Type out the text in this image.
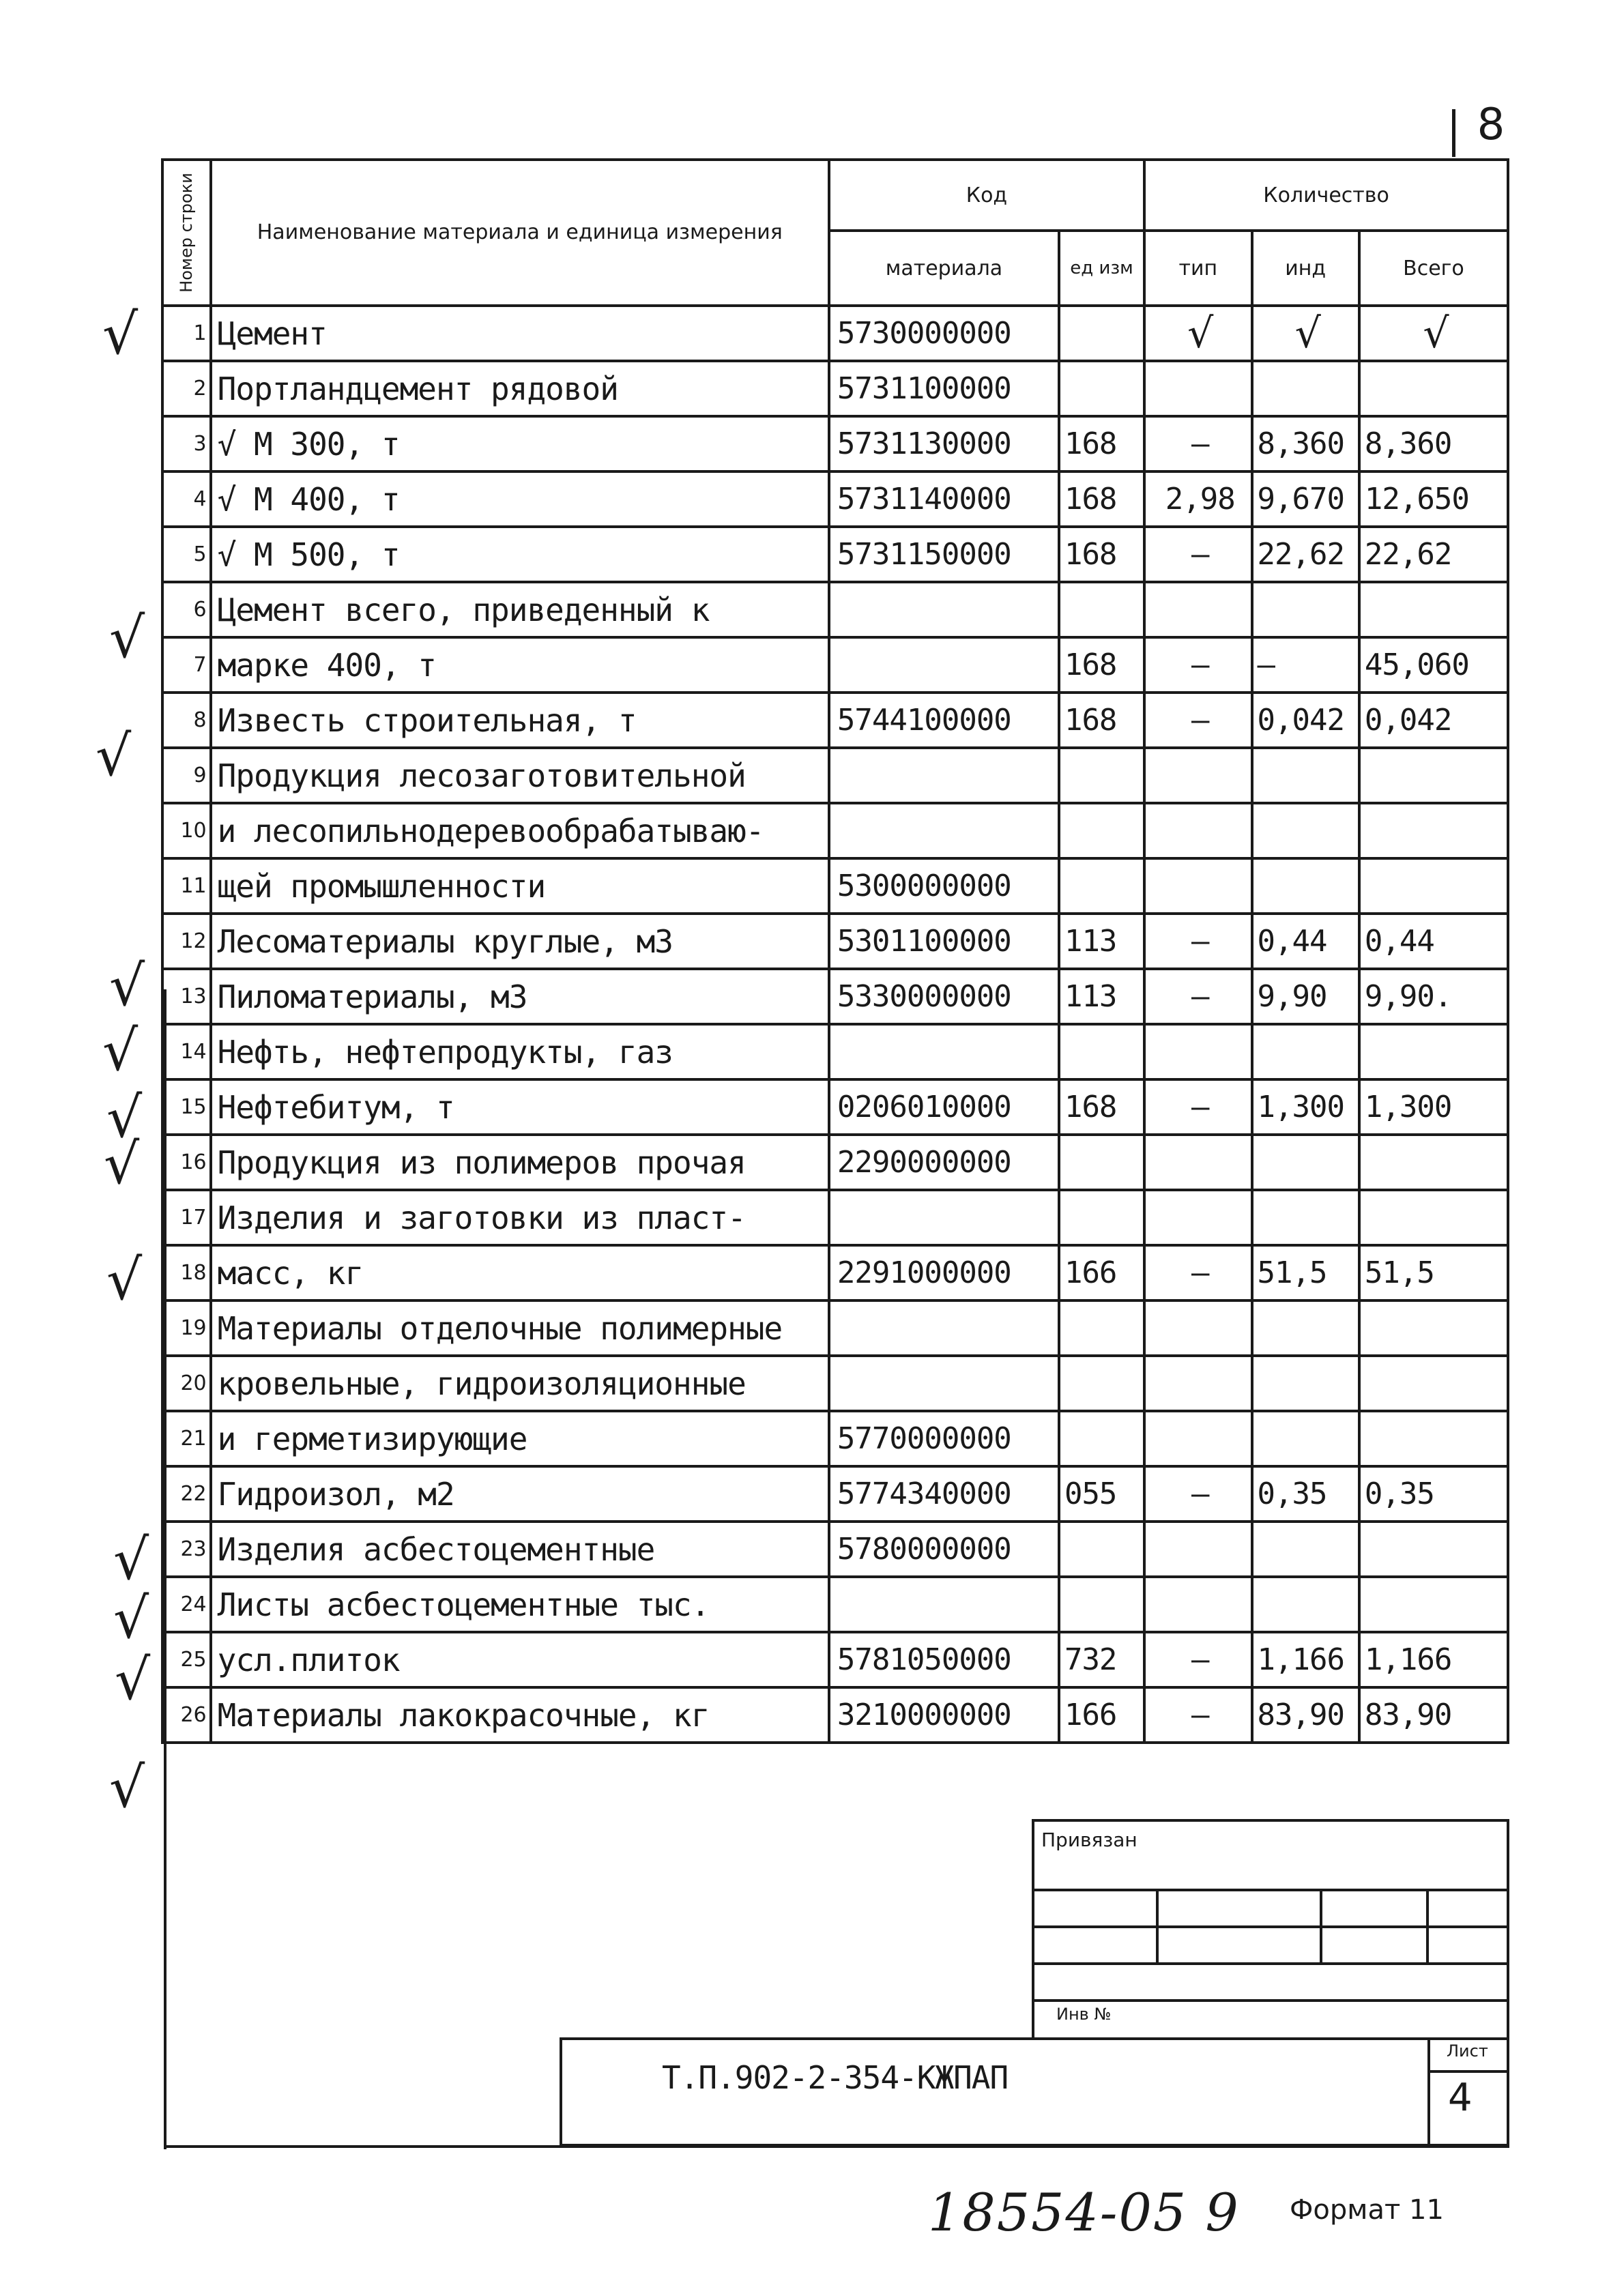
8
Номер строки	Наименование материала и единица измерения	Код		Количество		
		материала	ед изм	тип	инд	Всего
1	Цемент	5730000000		√	√	√
2	Портландцемент рядовой	5731100000				
3	√ М 300, т	5731130000	168	–	8,360	8,360
4	√ М 400, т	5731140000	168	2,98	9,670	12,650
5	√ М 500, т	5731150000	168	–	22,62	22,62
6	Цемент всего, приведенный к					
7	марке 400, т		168	–	–	45,060
8	Известь строительная, т	5744100000	168	–	0,042	0,042
9	Продукция лесозаготовительной					
10	и лесопильнодеревообрабатываю-					
11	щей промышленности	5300000000				
12	Лесоматериалы круглые, м3	5301100000	113	–	0,44	0,44
13	Пиломатериалы, м3	5330000000	113	–	9,90	9,90.
14	Нефть, нефтепродукты, газ					
15	Нефтебитум, т	0206010000	168	–	1,300	1,300
16	Продукция из полимеров прочая	2290000000				
17	Изделия и заготовки из пласт-					
18	масс, кг	2291000000	166	–	51,5	51,5
19	Материалы отделочные полимерные					
20	кровельные, гидроизоляционные					
21	и герметизирующие	5770000000				
22	Гидроизол, м2	5774340000	055	–	0,35	0,35
23	Изделия асбестоцементные	5780000000				
24	Листы асбестоцементные тыс.					
25	усл.плиток	5781050000	732	–	1,166	1,166
26	Материалы лакокрасочные, кг	3210000000	166	–	83,90	83,90
√
√
√
√
√
√
√
√
√
√
√
√
Привязан
Инв №
Лист
Т.П.902-2-354-КЖПАП	4
18554-05 9 Формат 11
